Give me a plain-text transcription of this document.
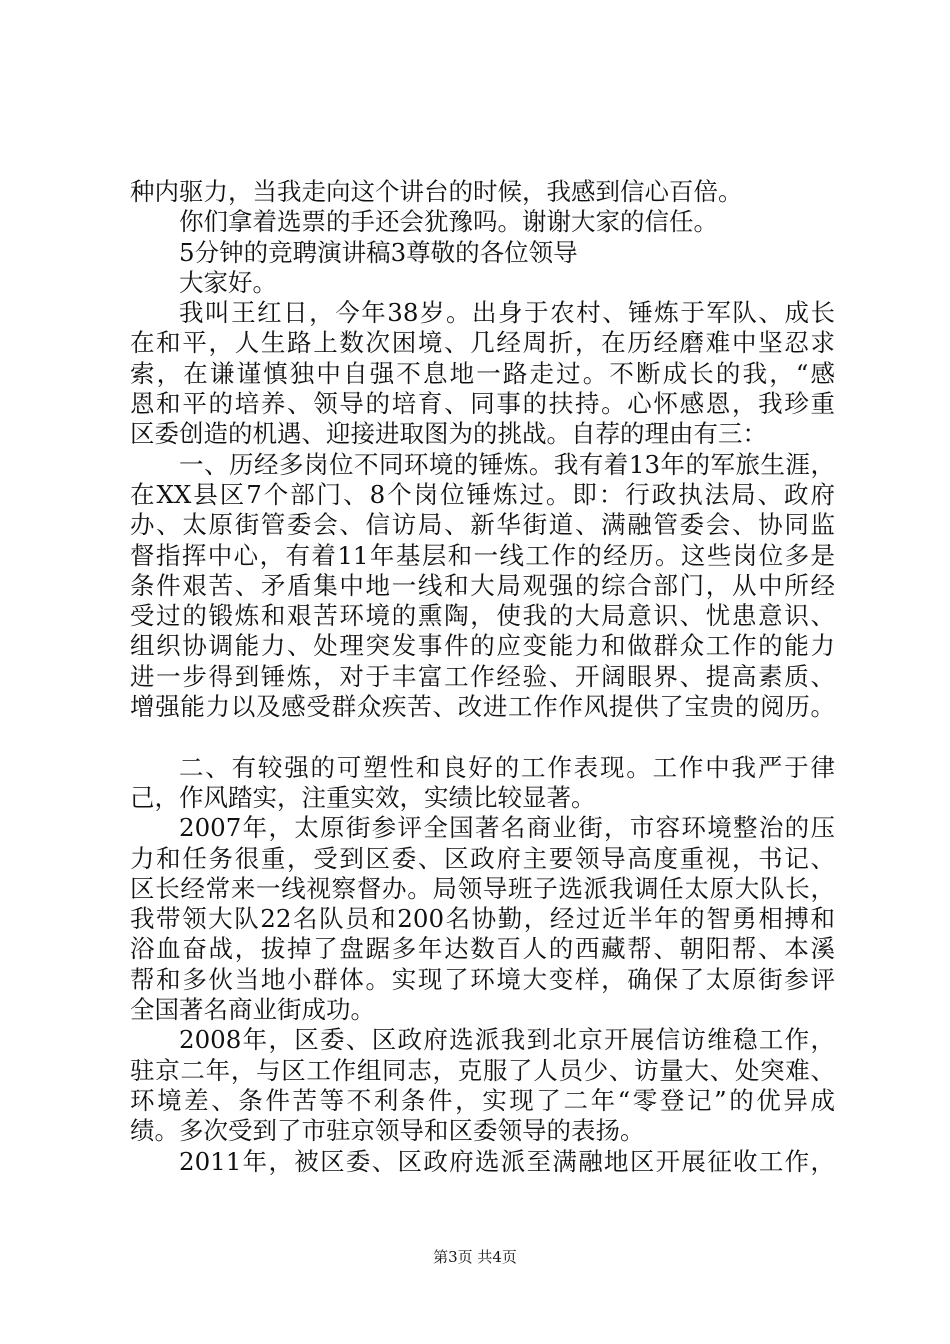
种内驱力，当我走向这个讲台的时候，我感到信心百倍。
你们拿着选票的手还会犹豫吗。谢谢大家的信任。
5分钟的竞聘演讲稿3尊敬的各位领导
大家好。
我叫王红日，今年38岁。出身于农村、锤炼于军队、成长
在和平，人生路上数次困境、几经周折，在历经磨难中坚忍求
索，在谦谨慎独中自强不息地一路走过。不断成长的我，“感
恩和平的培养、领导的培育、同事的扶持。心怀感恩，我珍重
区委创造的机遇、迎接进取图为的挑战。自荐的理由有三：
一、历经多岗位不同环境的锤炼。我有着13年的军旅生涯，
在XX县区7个部门、8个岗位锤炼过。即：行政执法局、政府
办、太原街管委会、信访局、新华街道、满融管委会、协同监
督指挥中心，有着11年基层和一线工作的经历。这些岗位多是
条件艰苦、矛盾集中地一线和大局观强的综合部门，从中所经
受过的锻炼和艰苦环境的熏陶，使我的大局意识、忧患意识、
组织协调能力、处理突发事件的应变能力和做群众工作的能力
进一步得到锤炼，对于丰富工作经验、开阔眼界、提高素质、
增强能力以及感受群众疾苦、改进工作作风提供了宝贵的阅历。
二、有较强的可塑性和良好的工作表现。工作中我严于律
己，作风踏实，注重实效，实绩比较显著。
2007年，太原街参评全国著名商业街，市容环境整治的压
力和任务很重，受到区委、区政府主要领导高度重视，书记、
区长经常来一线视察督办。局领导班子选派我调任太原大队长，
我带领大队22名队员和200名协勤，经过近半年的智勇相搏和
浴血奋战，拔掉了盘踞多年达数百人的西藏帮、朝阳帮、本溪
帮和多伙当地小群体。实现了环境大变样，确保了太原街参评
全国著名商业街成功。
2008年，区委、区政府选派我到北京开展信访维稳工作，
驻京二年，与区工作组同志，克服了人员少、访量大、处突难、
环境差、条件苦等不利条件，实现了二年“零登记”的优异成
绩。多次受到了市驻京领导和区委领导的表扬。
2011年，被区委、区政府选派至满融地区开展征收工作，
第3页 共4页
